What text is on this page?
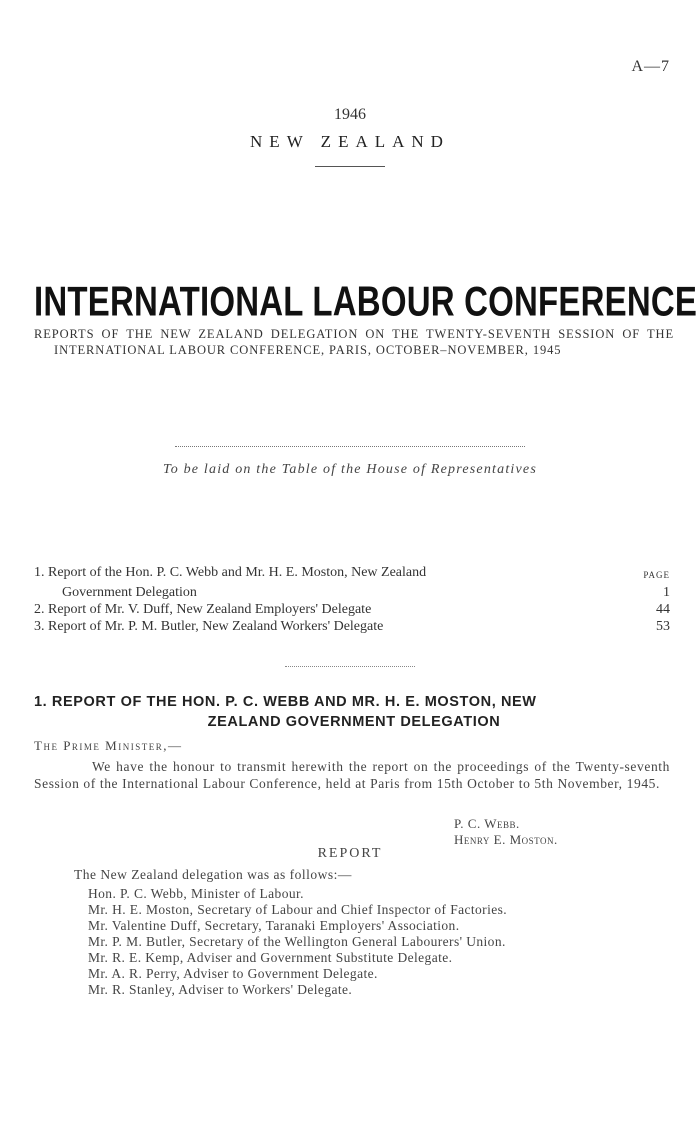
A—7
1946
NEW ZEALAND
INTERNATIONAL LABOUR CONFERENCE
REPORTS OF THE NEW ZEALAND DELEGATION ON THE TWENTY-SEVENTH SESSION OF THE INTERNATIONAL LABOUR CONFERENCE, PARIS, OCTOBER–NOVEMBER, 1945
To be laid on the Table of the House of Representatives
1. Report of the Hon. P. C. Webb and Mr. H. E. Moston, New Zealand	PAGE
Government Delegation	1
2. Report of Mr. V. Duff, New Zealand Employers' Delegate	44
3. Report of Mr. P. M. Butler, New Zealand Workers' Delegate	53
1. REPORT OF THE HON. P. C. WEBB AND MR. H. E. MOSTON, NEW
ZEALAND GOVERNMENT DELEGATION
The Prime Minister,—
We have the honour to transmit herewith the report on the proceedings of the Twenty-seventh Session of the International Labour Conference, held at Paris from 15th October to 5th November, 1945.
P. C. Webb.
Henry E. Moston.
REPORT
The New Zealand delegation was as follows:—
Hon. P. C. Webb, Minister of Labour.
Mr. H. E. Moston, Secretary of Labour and Chief Inspector of Factories.
Mr. Valentine Duff, Secretary, Taranaki Employers' Association.
Mr. P. M. Butler, Secretary of the Wellington General Labourers' Union.
Mr. R. E. Kemp, Adviser and Government Substitute Delegate.
Mr. A. R. Perry, Adviser to Government Delegate.
Mr. R. Stanley, Adviser to Workers' Delegate.
